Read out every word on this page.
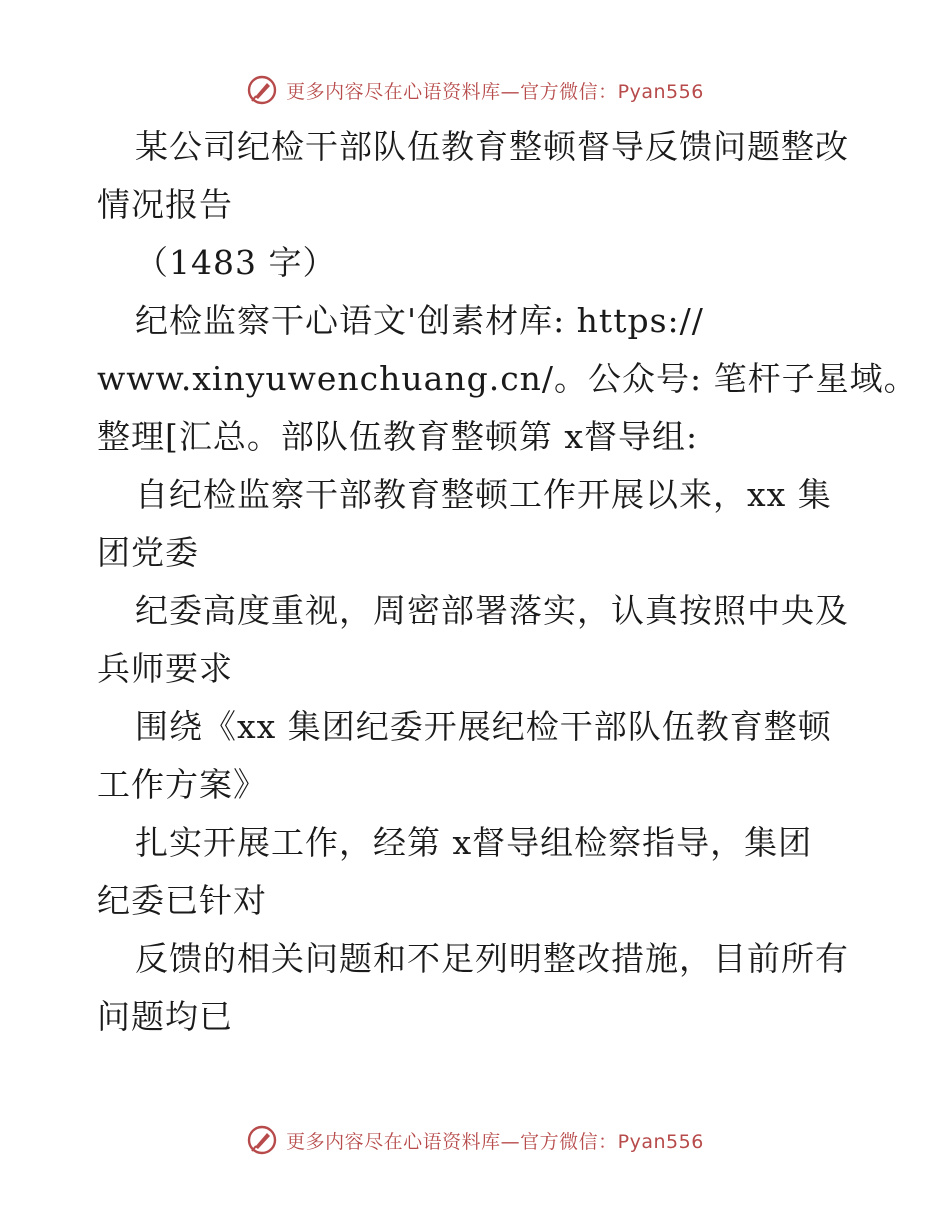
更多内容尽在心语资料库—官方微信：Pyan556
某公司纪检干部队伍教育整顿督导反馈问题整改
情况报告
（1483 字）
纪检监察干心语文'创素材库: https://
www.xinyuwenchuang.cn/。公众号: 笔杆子星域。
整理[汇总。部队伍教育整顿第 x督导组:
自纪检监察干部教育整顿工作开展以来，xx 集
团党委
纪委高度重视，周密部署落实，认真按照中央及
兵师要求
围绕《xx 集团纪委开展纪检干部队伍教育整顿
工作方案》
扎实开展工作，经第 x督导组检察指导，集团
纪委已针对
反馈的相关问题和不足列明整改措施，目前所有
问题均已
更多内容尽在心语资料库—官方微信：Pyan556
